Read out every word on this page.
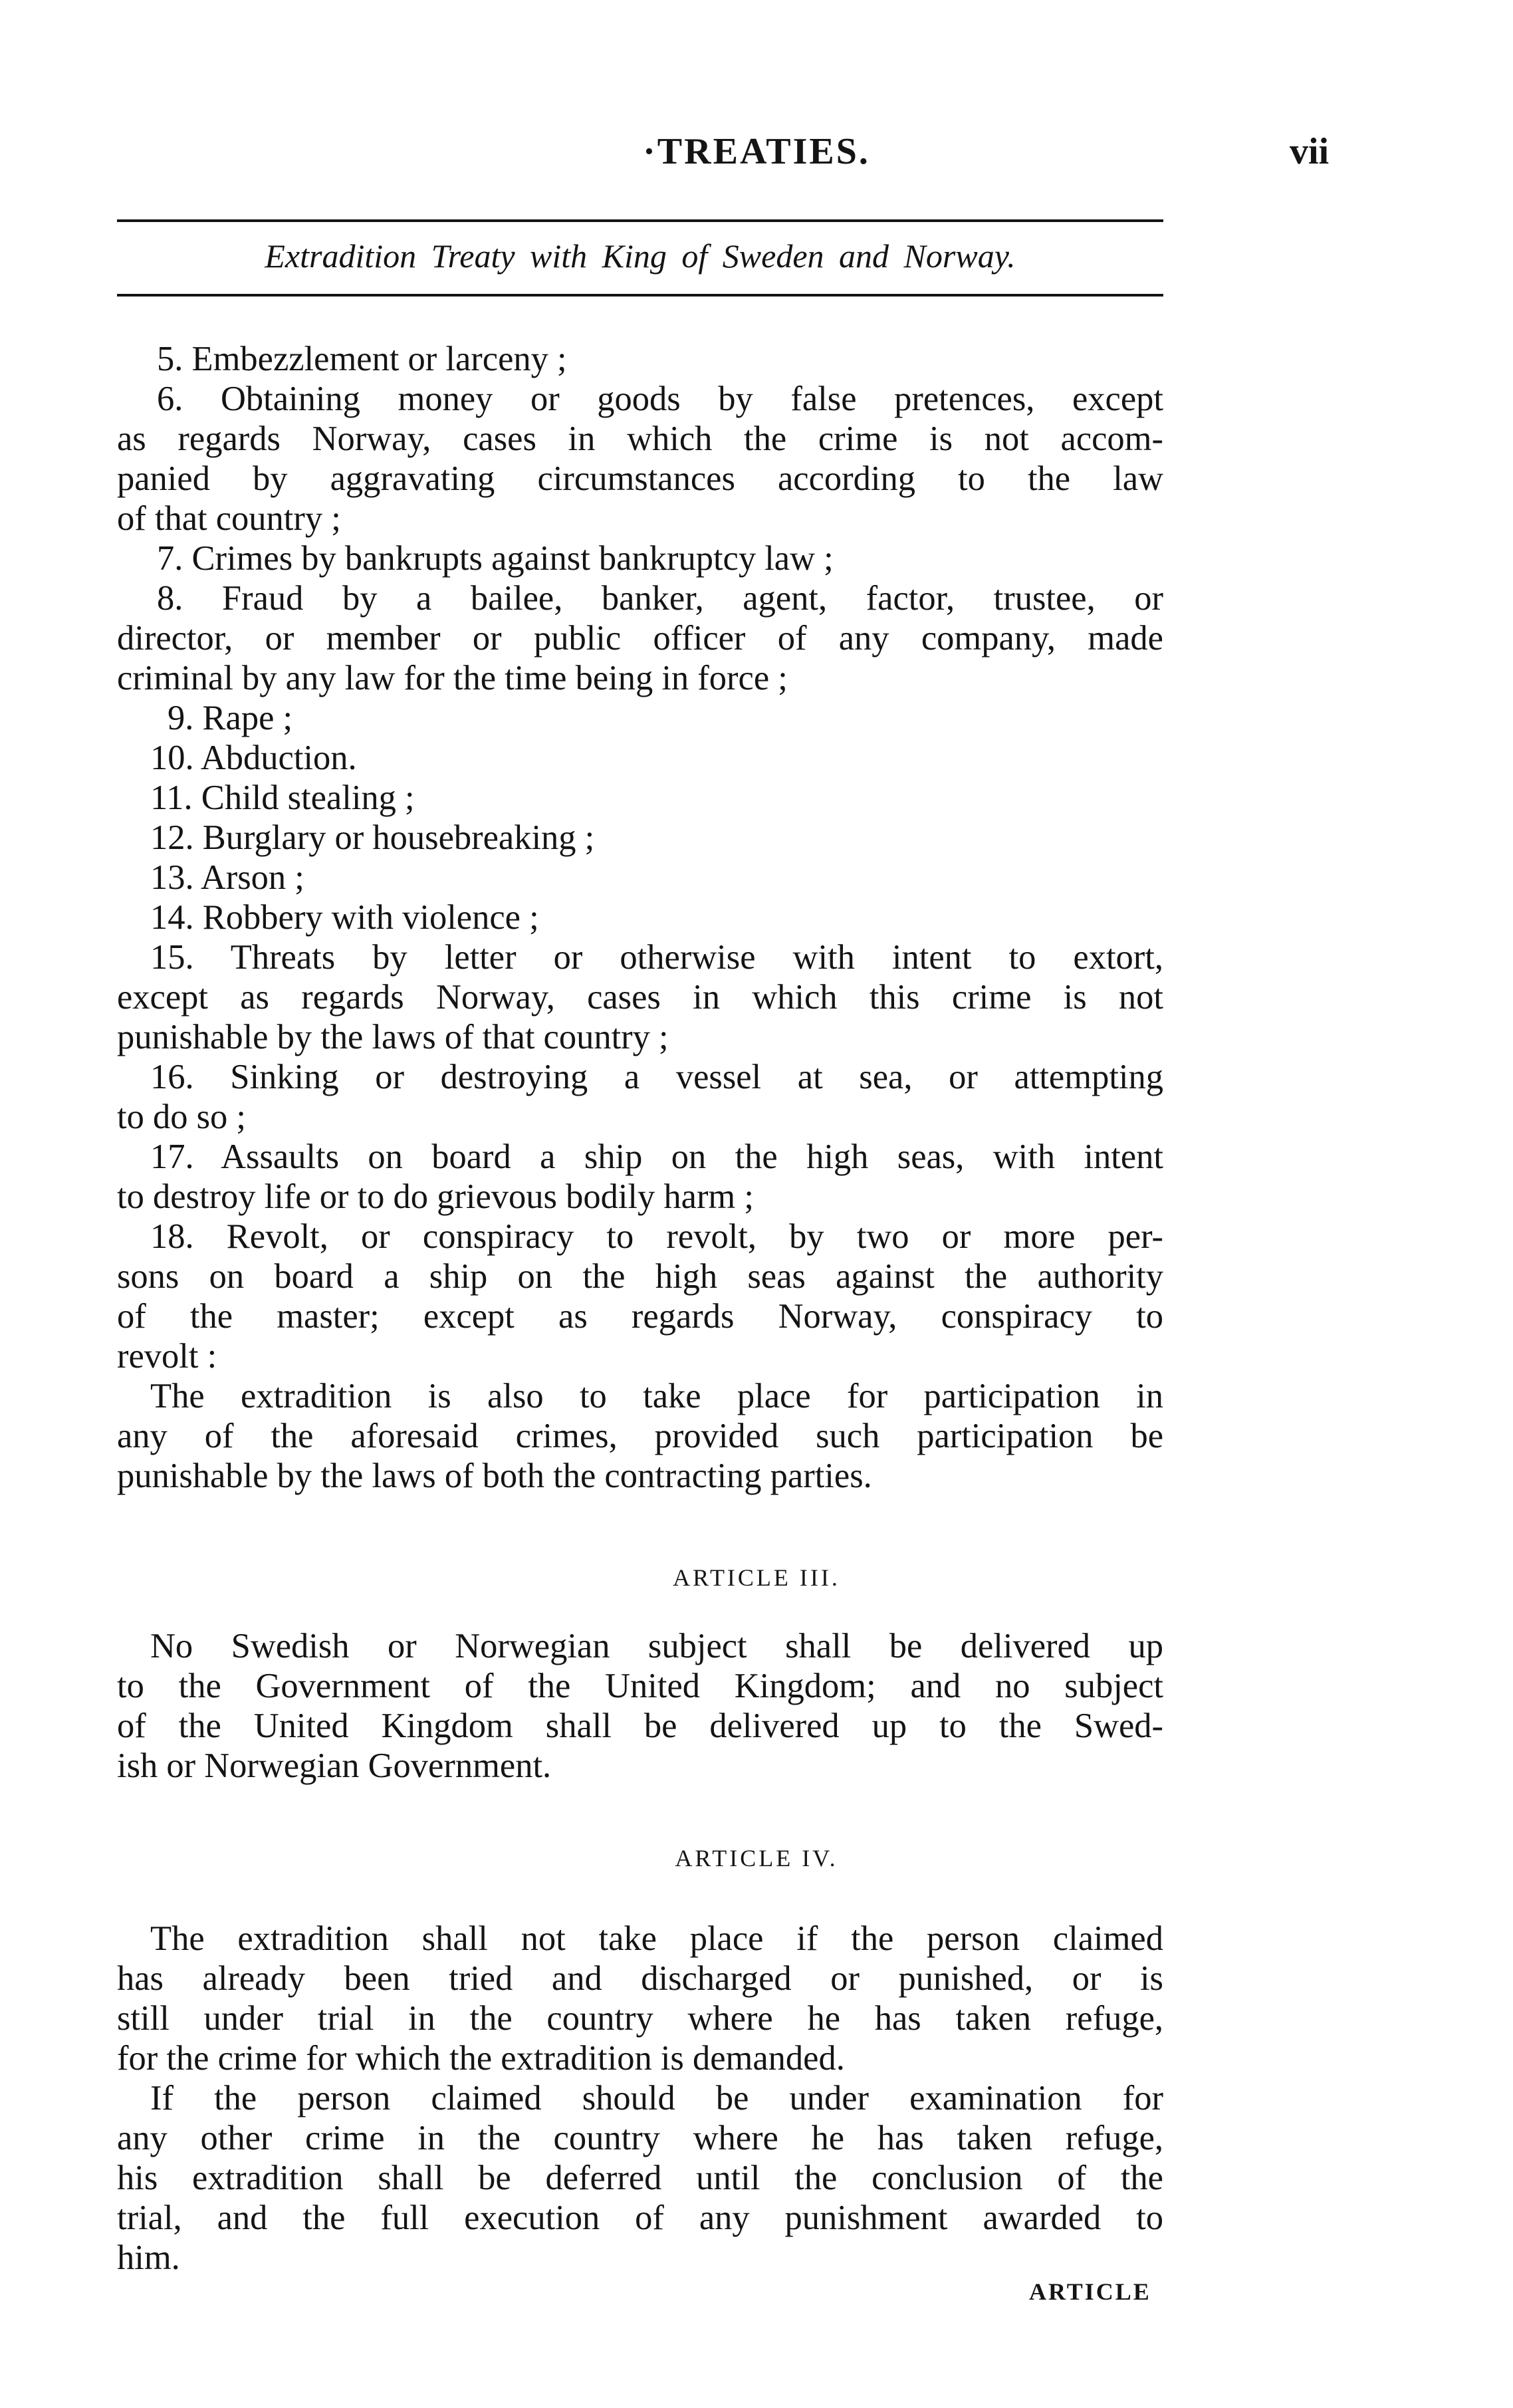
·TREATIES.	vii
Extradition Treaty with King of Sweden and Norway.
5. Embezzlement or larceny ;
6. Obtaining money or goods by false pretences, except
as regards Norway, cases in which the crime is not accom-
panied by aggravating circumstances according to the law
of that country ;
7. Crimes by bankrupts against bankruptcy law ;
8. Fraud by a bailee, banker, agent, factor, trustee, or
director, or member or public officer of any company, made
criminal by any law for the time being in force ;
9. Rape ;
10. Abduction.
11. Child stealing ;
12. Burglary or housebreaking ;
13. Arson ;
14. Robbery with violence ;
15. Threats by letter or otherwise with intent to extort,
except as regards Norway, cases in which this crime is not
punishable by the laws of that country ;
16. Sinking or destroying a vessel at sea, or attempting
to do so ;
17. Assaults on board a ship on the high seas, with intent
to destroy life or to do grievous bodily harm ;
18. Revolt, or conspiracy to revolt, by two or more per-
sons on board a ship on the high seas against the authority
of the master; except as regards Norway, conspiracy to
revolt :
The extradition is also to take place for participation in
any of the aforesaid crimes, provided such participation be
punishable by the laws of both the contracting parties.
ARTICLE III.
No Swedish or Norwegian subject shall be delivered up
to the Government of the United Kingdom; and no subject
of the United Kingdom shall be delivered up to the Swed-
ish or Norwegian Government.
ARTICLE IV.
The extradition shall not take place if the person claimed
has already been tried and discharged or punished, or is
still under trial in the country where he has taken refuge,
for the crime for which the extradition is demanded.
If the person claimed should be under examination for
any other crime in the country where he has taken refuge,
his extradition shall be deferred until the conclusion of the
trial, and the full execution of any punishment awarded to
him.
ARTICLE
